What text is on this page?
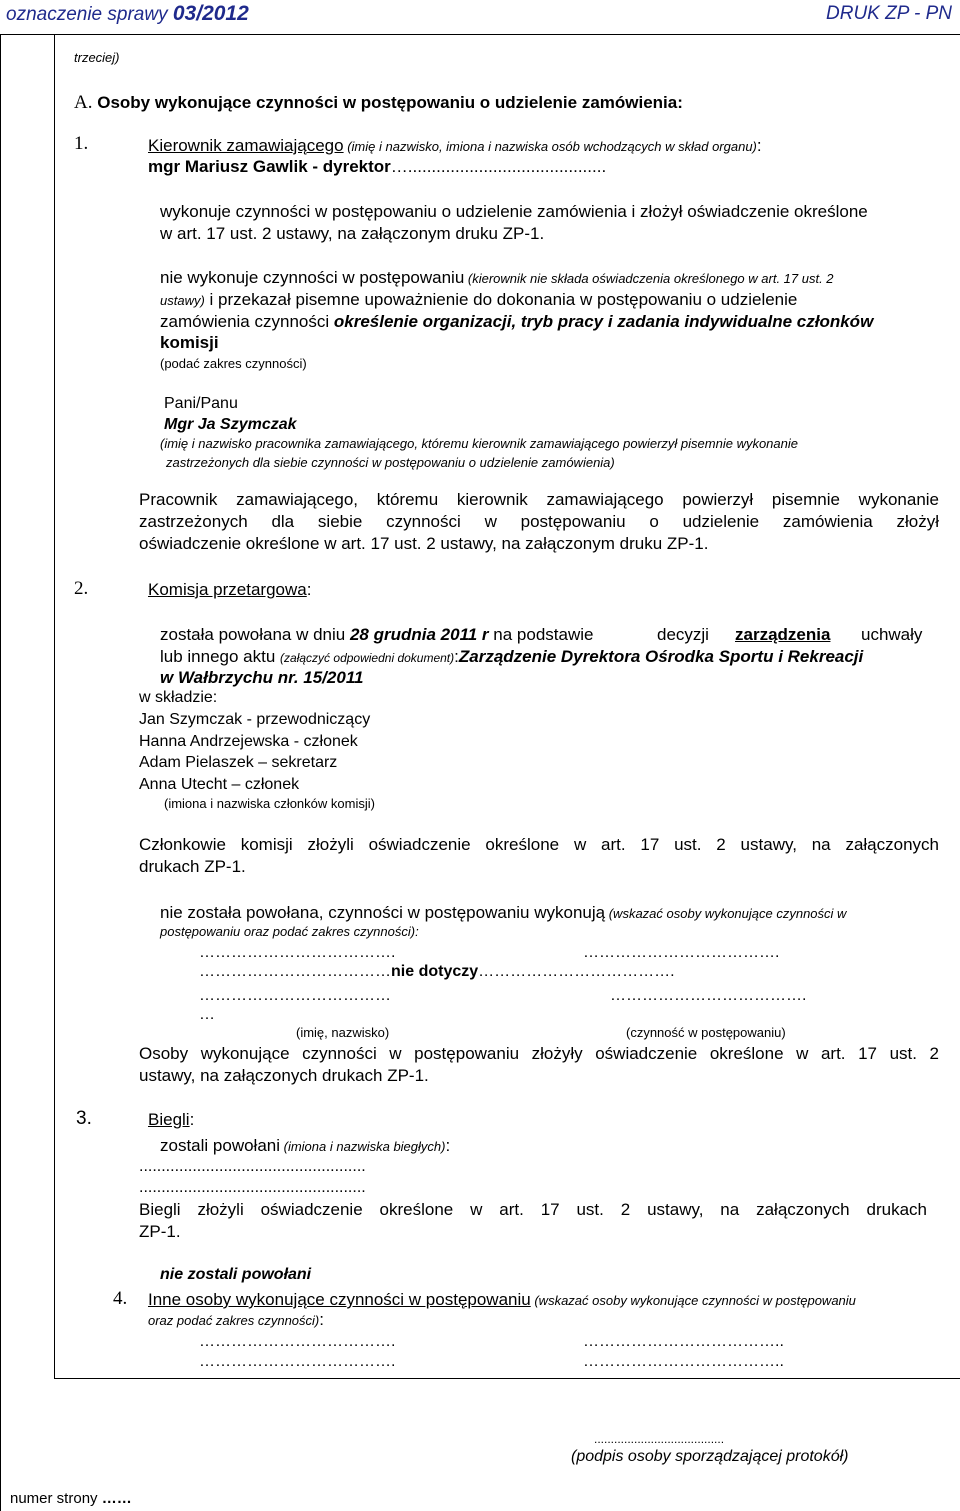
oznaczenie sprawy 03/2012	DRUK ZP - PN
trzeciej)
A. Osoby wykonujące czynności w postępowaniu o udzielenie zamówienia:
1.	Kierownik zamawiającego (imię i nazwisko, imiona i nazwiska osób wchodzących w skład organu):
mgr Mariusz Gawlik - dyrektor…..........................................
wykonuje czynności w postępowaniu o udzielenie zamówienia i złożył oświadczenie określone
w art. 17 ust. 2 ustawy, na załączonym druku ZP-1.
nie wykonuje czynności w postępowaniu (kierownik nie składa oświadczenia określonego w art. 17 ust. 2
ustawy) i przekazał pisemne upoważnienie do dokonania w postępowaniu o udzielenie
zamówienia czynności określenie organizacji, tryb pracy i zadania indywidualne członków
komisji
(podać zakres czynności)
Pani/Panu
Mgr Ja Szymczak
(imię i nazwisko pracownika zamawiającego, któremu kierownik zamawiającego powierzył pisemnie wykonanie
zastrzeżonych dla siebie czynności w postępowaniu o udzielenie zamówienia)
Pracownik zamawiającego, któremu kierownik zamawiającego powierzył pisemnie wykonanie
zastrzeżonych dla siebie czynności w postępowaniu o udzielenie zamówienia złożył
oświadczenie określone w art. 17 ust. 2 ustawy, na załączonym druku ZP-1.
2.	Komisja przetargowa:
została powołana w dniu 28 grudnia 2011 r na podstawie	decyzji zarządzenia uchwały
lub innego aktu (załączyć odpowiedni dokument):Zarządzenie Dyrektora Ośrodka Sportu i Rekreacji
w Wałbrzychu nr. 15/2011
w składzie:
Jan Szymczak - przewodniczący
Hanna Andrzejewska - członek
Adam Pielaszek – sekretarz
Anna Utecht – członek
(imiona i nazwiska członków komisji)
Członkowie komisji złożyli oświadczenie określone w art. 17 ust. 2 ustawy, na załączonych
drukach ZP-1.
nie została powołana, czynności w postępowaniu wykonują (wskazać osoby wykonujące czynności w
postępowaniu oraz podać zakres czynności):
……………………………….	……………………………….
………………………………nie dotyczy……………………………….
………………………………	……………………………….
…
(imię, nazwisko)	(czynność w postępowaniu)
Osoby wykonujące czynności w postępowaniu złożyły oświadczenie określone w art. 17 ust. 2
ustawy, na załączonych drukach ZP-1.
3.	Biegli:
zostali powołani (imiona i nazwiska biegłych):
...................................................
...................................................
Biegli złożyli oświadczenie określone w art. 17 ust. 2 ustawy, na załączonych drukach
ZP-1.
nie zostali powołani
4. Inne osoby wykonujące czynności w postępowaniu (wskazać osoby wykonujące czynności w postępowaniu
oraz podać zakres czynności):
……………………………….	………………………………..
……………………………….	………………………………..
.......................................
(podpis osoby sporządzającej protokół)
numer strony ……
